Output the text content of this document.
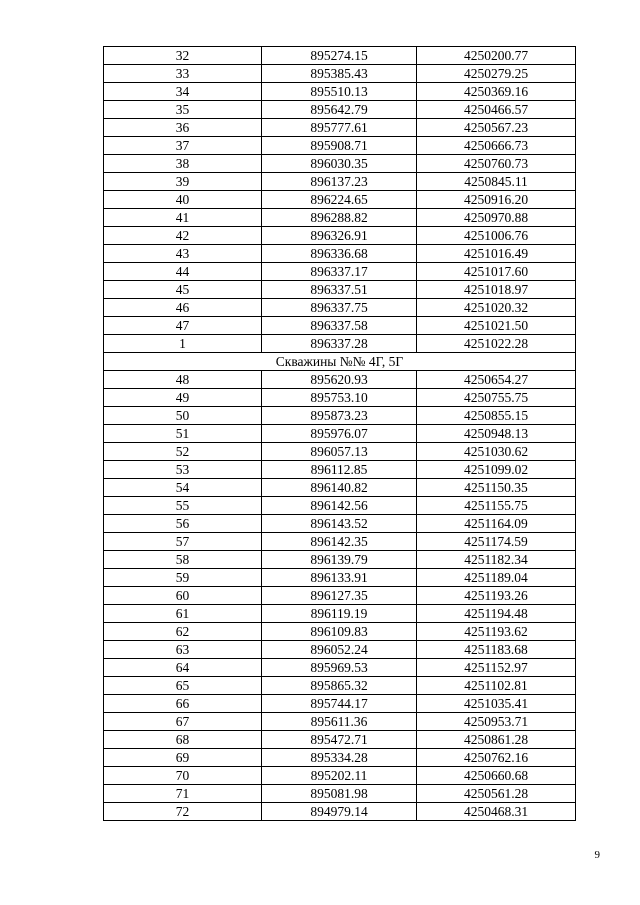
32	895274.15	4250200.77
33	895385.43	4250279.25
34	895510.13	4250369.16
35	895642.79	4250466.57
36	895777.61	4250567.23
37	895908.71	4250666.73
38	896030.35	4250760.73
39	896137.23	4250845.11
40	896224.65	4250916.20
41	896288.82	4250970.88
42	896326.91	4251006.76
43	896336.68	4251016.49
44	896337.17	4251017.60
45	896337.51	4251018.97
46	896337.75	4251020.32
47	896337.58	4251021.50
1	896337.28	4251022.28
Скважины №№ 4Г, 5Г		
48	895620.93	4250654.27
49	895753.10	4250755.75
50	895873.23	4250855.15
51	895976.07	4250948.13
52	896057.13	4251030.62
53	896112.85	4251099.02
54	896140.82	4251150.35
55	896142.56	4251155.75
56	896143.52	4251164.09
57	896142.35	4251174.59
58	896139.79	4251182.34
59	896133.91	4251189.04
60	896127.35	4251193.26
61	896119.19	4251194.48
62	896109.83	4251193.62
63	896052.24	4251183.68
64	895969.53	4251152.97
65	895865.32	4251102.81
66	895744.17	4251035.41
67	895611.36	4250953.71
68	895472.71	4250861.28
69	895334.28	4250762.16
70	895202.11	4250660.68
71	895081.98	4250561.28
72	894979.14	4250468.31
9
